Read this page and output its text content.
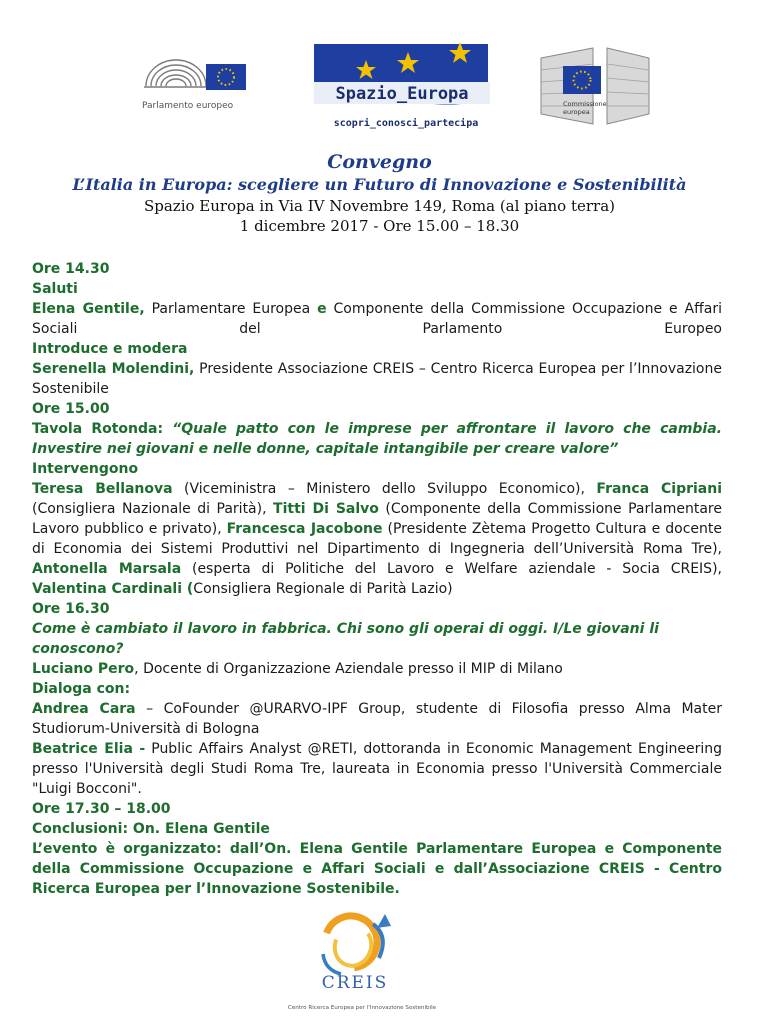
Parlamento europeo
Spazio_Europa
scopri_conosci_partecipa
Commissione
europea
Convegno
L’Italia in Europa: scegliere un Futuro di Innovazione e Sostenibilità
Spazio Europa in Via IV Novembre 149, Roma (al piano terra)
1 dicembre 2017 - Ore 15.00 – 18.30

Ore 14.30

Saluti

Elena Gentile, Parlamentare Europea e Componente della Commissione Occupazione e Affari Sociali del Parlamento Europeo

Introduce e modera

Serenella Molendini, Presidente Associazione CREIS – Centro Ricerca Europea per l’Innovazione Sostenibile

Ore 15.00

Tavola Rotonda: “Quale patto con le imprese per affrontare il lavoro che cambia. Investire nei giovani e nelle donne, capitale intangibile per creare valore”

Intervengono

Teresa Bellanova (Viceministra – Ministero dello Sviluppo Economico), Franca Cipriani (Consigliera Nazionale di Parità), Titti Di Salvo (Componente della Commissione Parlamentare Lavoro pubblico e privato), Francesca Jacobone (Presidente Zètema Progetto Cultura e docente di Economia dei Sistemi Produttivi nel Dipartimento di Ingegneria dell’Università Roma Tre), Antonella Marsala (esperta di Politiche del Lavoro e Welfare aziendale - Socia CREIS), Valentina Cardinali (Consigliera Regionale di Parità Lazio)

Ore 16.30

Come è cambiato il lavoro in fabbrica. Chi sono gli operai di oggi. I/Le giovani li conoscono?

Luciano Pero, Docente di Organizzazione Aziendale presso il MIP di Milano

Dialoga con:

Andrea Cara – CoFounder @URARVO-IPF Group, studente di Filosofia presso Alma Mater Studiorum-Università di Bologna

Beatrice Elia - Public Affairs Analyst @RETI, dottoranda in Economic Management Engineering presso l'Università degli Studi Roma Tre, laureata in Economia presso l'Università Commerciale "Luigi Bocconi".

Ore 17.30 – 18.00

Conclusioni: On. Elena Gentile

L’evento è organizzato: dall’On. Elena Gentile Parlamentare Europea e Componente della Commissione Occupazione e Affari Sociali e dall’Associazione CREIS - Centro Ricerca Europea per l’Innovazione Sostenibile.

CREIS
Centro Ricerca Europea per l'Innovazione Sostenibile
